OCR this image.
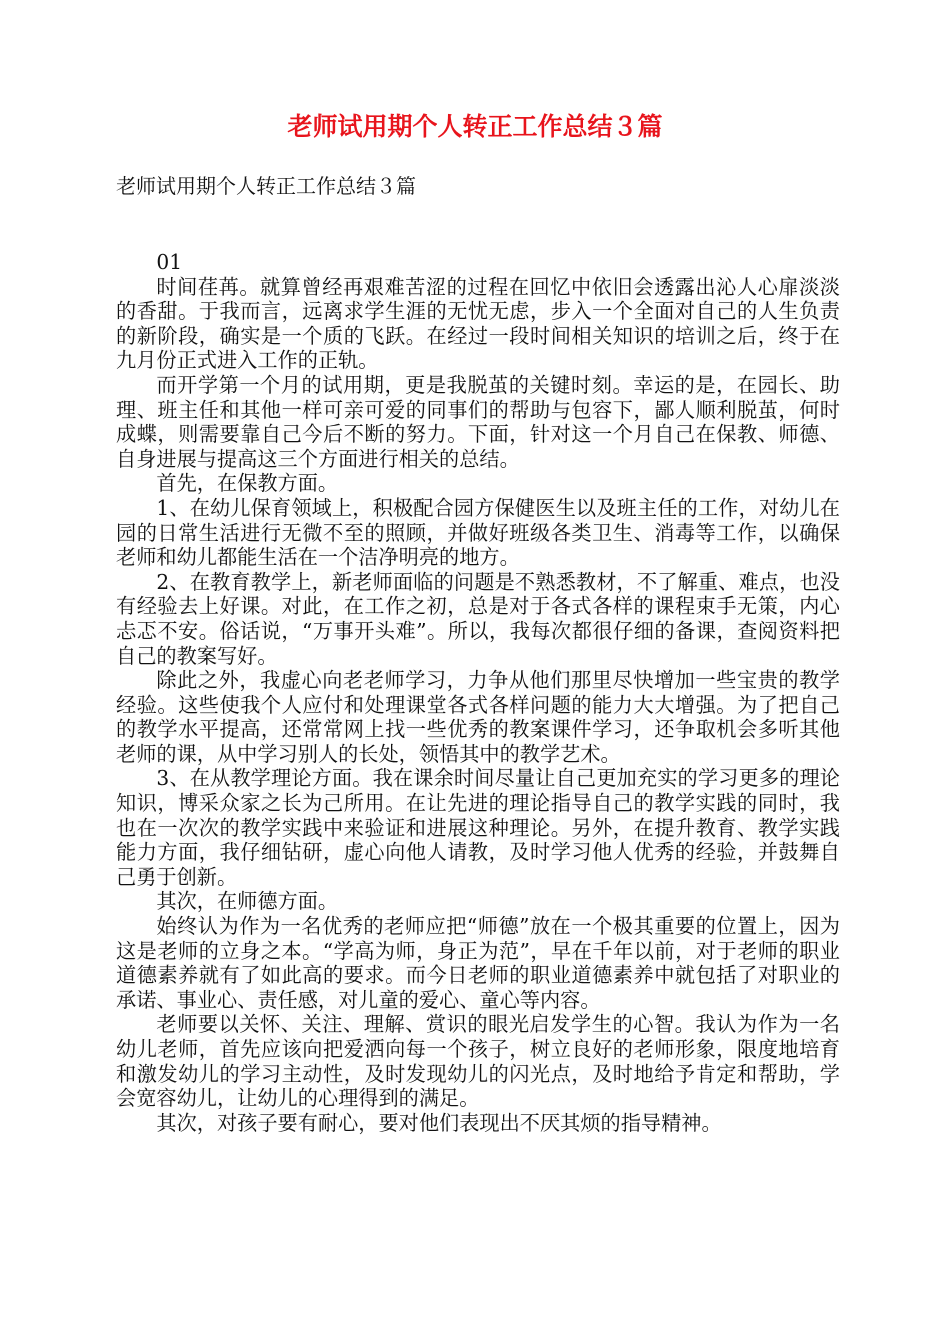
老师试用期个人转正工作总结３篇
老师试用期个人转正工作总结３篇

01

时间荏苒。就算曾经再艰难苦涩的过程在回忆中依旧会透露出沁人心扉淡淡的香甜。于我而言，远离求学生涯的无忧无虑，步入一个全面对自己的人生负责的新阶段，确实是一个质的飞跃。在经过一段时间相关知识的培训之后，终于在九月份正式进入工作的正轨。

而开学第一个月的试用期，更是我脱茧的关键时刻。幸运的是，在园长、助理、班主任和其他一样可亲可爱的同事们的帮助与包容下，鄙人顺利脱茧，何时成蝶，则需要靠自己今后不断的努力。下面，针对这一个月自己在保教、师德、自身进展与提高这三个方面进行相关的总结。

首先，在保教方面。

1、在幼儿保育领域上，积极配合园方保健医生以及班主任的工作，对幼儿在园的日常生活进行无微不至的照顾，并做好班级各类卫生、消毒等工作，以确保老师和幼儿都能生活在一个洁净明亮的地方。

2、在教育教学上，新老师面临的问题是不熟悉教材，不了解重、难点，也没有经验去上好课。对此，在工作之初，总是对于各式各样的课程束手无策，内心忐忑不安。俗话说，“万事开头难”。所以，我每次都很仔细的备课，查阅资料把自己的教案写好。

除此之外，我虚心向老老师学习，力争从他们那里尽快增加一些宝贵的教学经验。这些使我个人应付和处理课堂各式各样问题的能力大大增强。为了把自己的教学水平提高，还常常网上找一些优秀的教案课件学习，还争取机会多听其他老师的课，从中学习别人的长处，领悟其中的教学艺术。

3、在从教学理论方面。我在课余时间尽量让自己更加充实的学习更多的理论知识，博采众家之长为己所用。在让先进的理论指导自己的教学实践的同时，我也在一次次的教学实践中来验证和进展这种理论。另外，在提升教育、教学实践能力方面，我仔细钻研，虚心向他人请教，及时学习他人优秀的经验，并鼓舞自己勇于创新。

其次，在师德方面。

始终认为作为一名优秀的老师应把“师德”放在一个极其重要的位置上，因为这是老师的立身之本。“学高为师，身正为范”，早在千年以前，对于老师的职业道德素养就有了如此高的要求。而今日老师的职业道德素养中就包括了对职业的承诺、事业心、责任感，对儿童的爱心、童心等内容。

老师要以关怀、关注、理解、赏识的眼光启发学生的心智。我认为作为一名幼儿老师，首先应该向把爱洒向每一个孩子，树立良好的老师形象，限度地培育和激发幼儿的学习主动性，及时发现幼儿的闪光点，及时地给予肯定和帮助，学会宽容幼儿，让幼儿的心理得到的满足。

其次，对孩子要有耐心，要对他们表现出不厌其烦的指导精神。
